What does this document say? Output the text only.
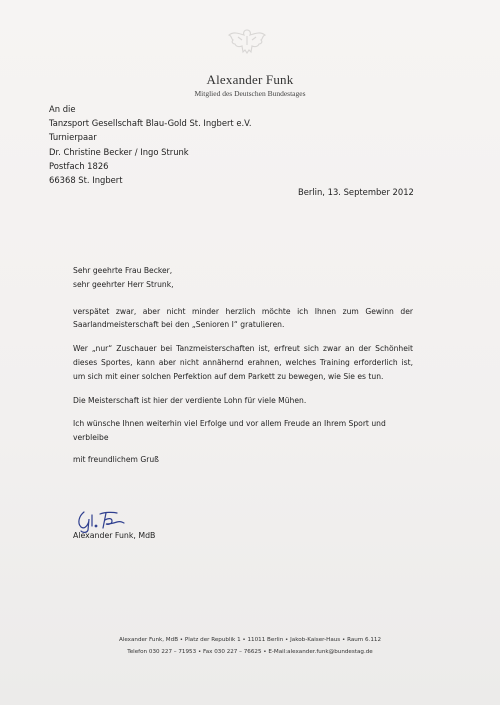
Alexander Funk
Mitglied des Deutschen Bundestages
An die
Tanzsport Gesellschaft Blau-Gold St. Ingbert e.V.
Turnierpaar
Dr. Christine Becker / Ingo Strunk
Postfach 1826
66368 St. Ingbert
Berlin, 13. September 2012

Sehr geehrte Frau Becker,

sehr geehrter Herr Strunk,

verspätet zwar, aber nicht minder herzlich möchte ich Ihnen zum Gewinn der Saarlandmeisterschaft bei den „Senioren I“ gratulieren.

Wer „nur“ Zuschauer bei Tanzmeisterschaften ist, erfreut sich zwar an der Schönheit dieses Sportes, kann aber nicht annähernd erahnen, welches Training erforderlich ist, um sich mit einer solchen Perfektion auf dem Parkett zu bewegen, wie Sie es tun.

Die Meisterschaft ist hier der verdiente Lohn für viele Mühen.

Ich wünsche Ihnen weiterhin viel Erfolge und vor allem Freude an Ihrem Sport und verbleibe

mit freundlichem Gruß

Alexander Funk, MdB
Alexander Funk, MdB • Platz der Republik 1 • 11011 Berlin • Jakob-Kaiser-Haus • Raum 6.112
Telefon 030 227 – 71953 • Fax 030 227 – 76625 • E-Mail:alexander.funk@bundestag.de
